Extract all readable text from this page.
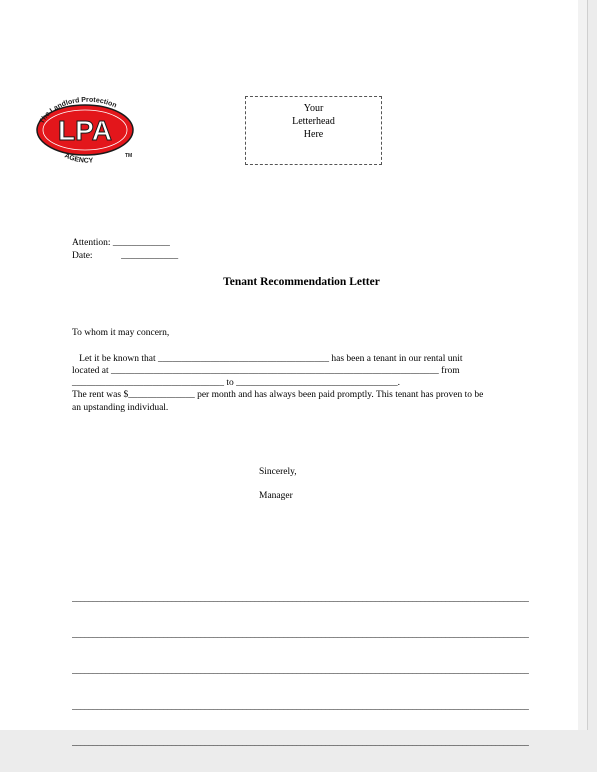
The Landlord Protection
LPA
AGENCY
TM
Your
Letterhead
Here
Attention: ____________
Date:            ____________
Tenant Recommendation Letter
To whom it may concern,
Let it be known that ____________________________________ has been a tenant in our rental unit
located at _____________________________________________________________________ from
________________________________ to __________________________________.
The rent was $______________ per month and has always been paid promptly. This tenant has proven to be
an upstanding individual.
Sincerely,
Manager

______________________________________________________________________________________________________________

______________________________________________________________________________________________________________

______________________________________________________________________________________________________________

______________________________________________________________________________________________________________

______________________________________________________________________________________________________________
